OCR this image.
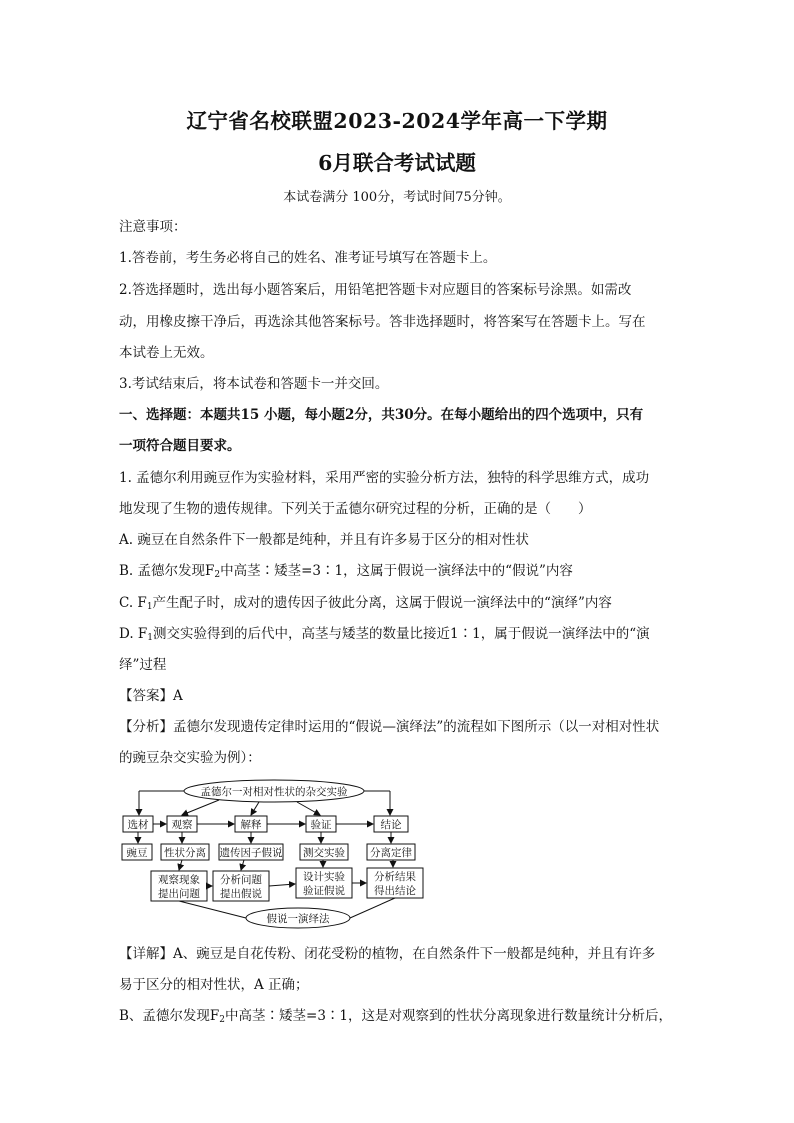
辽宁省名校联盟2023-2024学年高一下学期
6月联合考试试题
本试卷满分 100分，考试时间75分钟。
注意事项：
1.答卷前，考生务必将自己的姓名、准考证号填写在答题卡上。
2.答选择题时，选出每小题答案后，用铅笔把答题卡对应题目的答案标号涂黑。如需改
动，用橡皮擦干净后，再选涂其他答案标号。答非选择题时，将答案写在答题卡上。写在
本试卷上无效。
3.考试结束后，将本试卷和答题卡一并交回。
一、选择题：本题共15 小题，每小题2分，共30分。在每小题给出的四个选项中，只有
一项符合题目要求。
1. 孟德尔利用豌豆作为实验材料，采用严密的实验分析方法，独特的科学思维方式，成功
地发现了生物的遗传规律。下列关于孟德尔研究过程的分析，正确的是（　　）
A. 豌豆在自然条件下一般都是纯种，并且有许多易于区分的相对性状
B. 孟德尔发现$F_2$中高茎∶矮茎=3∶1，这属于假说一演绎法中的“假说”内容
C. $F_1$产生配子时，成对的遗传因子彼此分离，这属于假说一演绎法中的“演绎”内容
D. $F_1$测交实验得到的后代中，高茎与矮茎的数量比接近1∶1，属于假说一演绎法中的“演
绎”过程
【答案】A
【分析】孟德尔发现遗传定律时运用的“假说—演绎法”的流程如下图所示（以一对相对性状
的豌豆杂交实验为例）：
孟德尔一对相对性状的杂交实验
选材 观察	解释	验证	结论
豌豆 性状分离 遗传因子假说 测交实验 分离定律
观察现象
提出问题
分析问题
提出假说
设计实验
验证假说
分析结果
得出结论
假说一演绎法
【详解】A、豌豆是自花传粉、闭花受粉的植物，在自然条件下一般都是纯种，并且有许多
易于区分的相对性状，A 正确；
B、孟德尔发现$F_2$中高茎∶矮茎=3∶1，这是对观察到的性状分离现象进行数量统计分析后，
